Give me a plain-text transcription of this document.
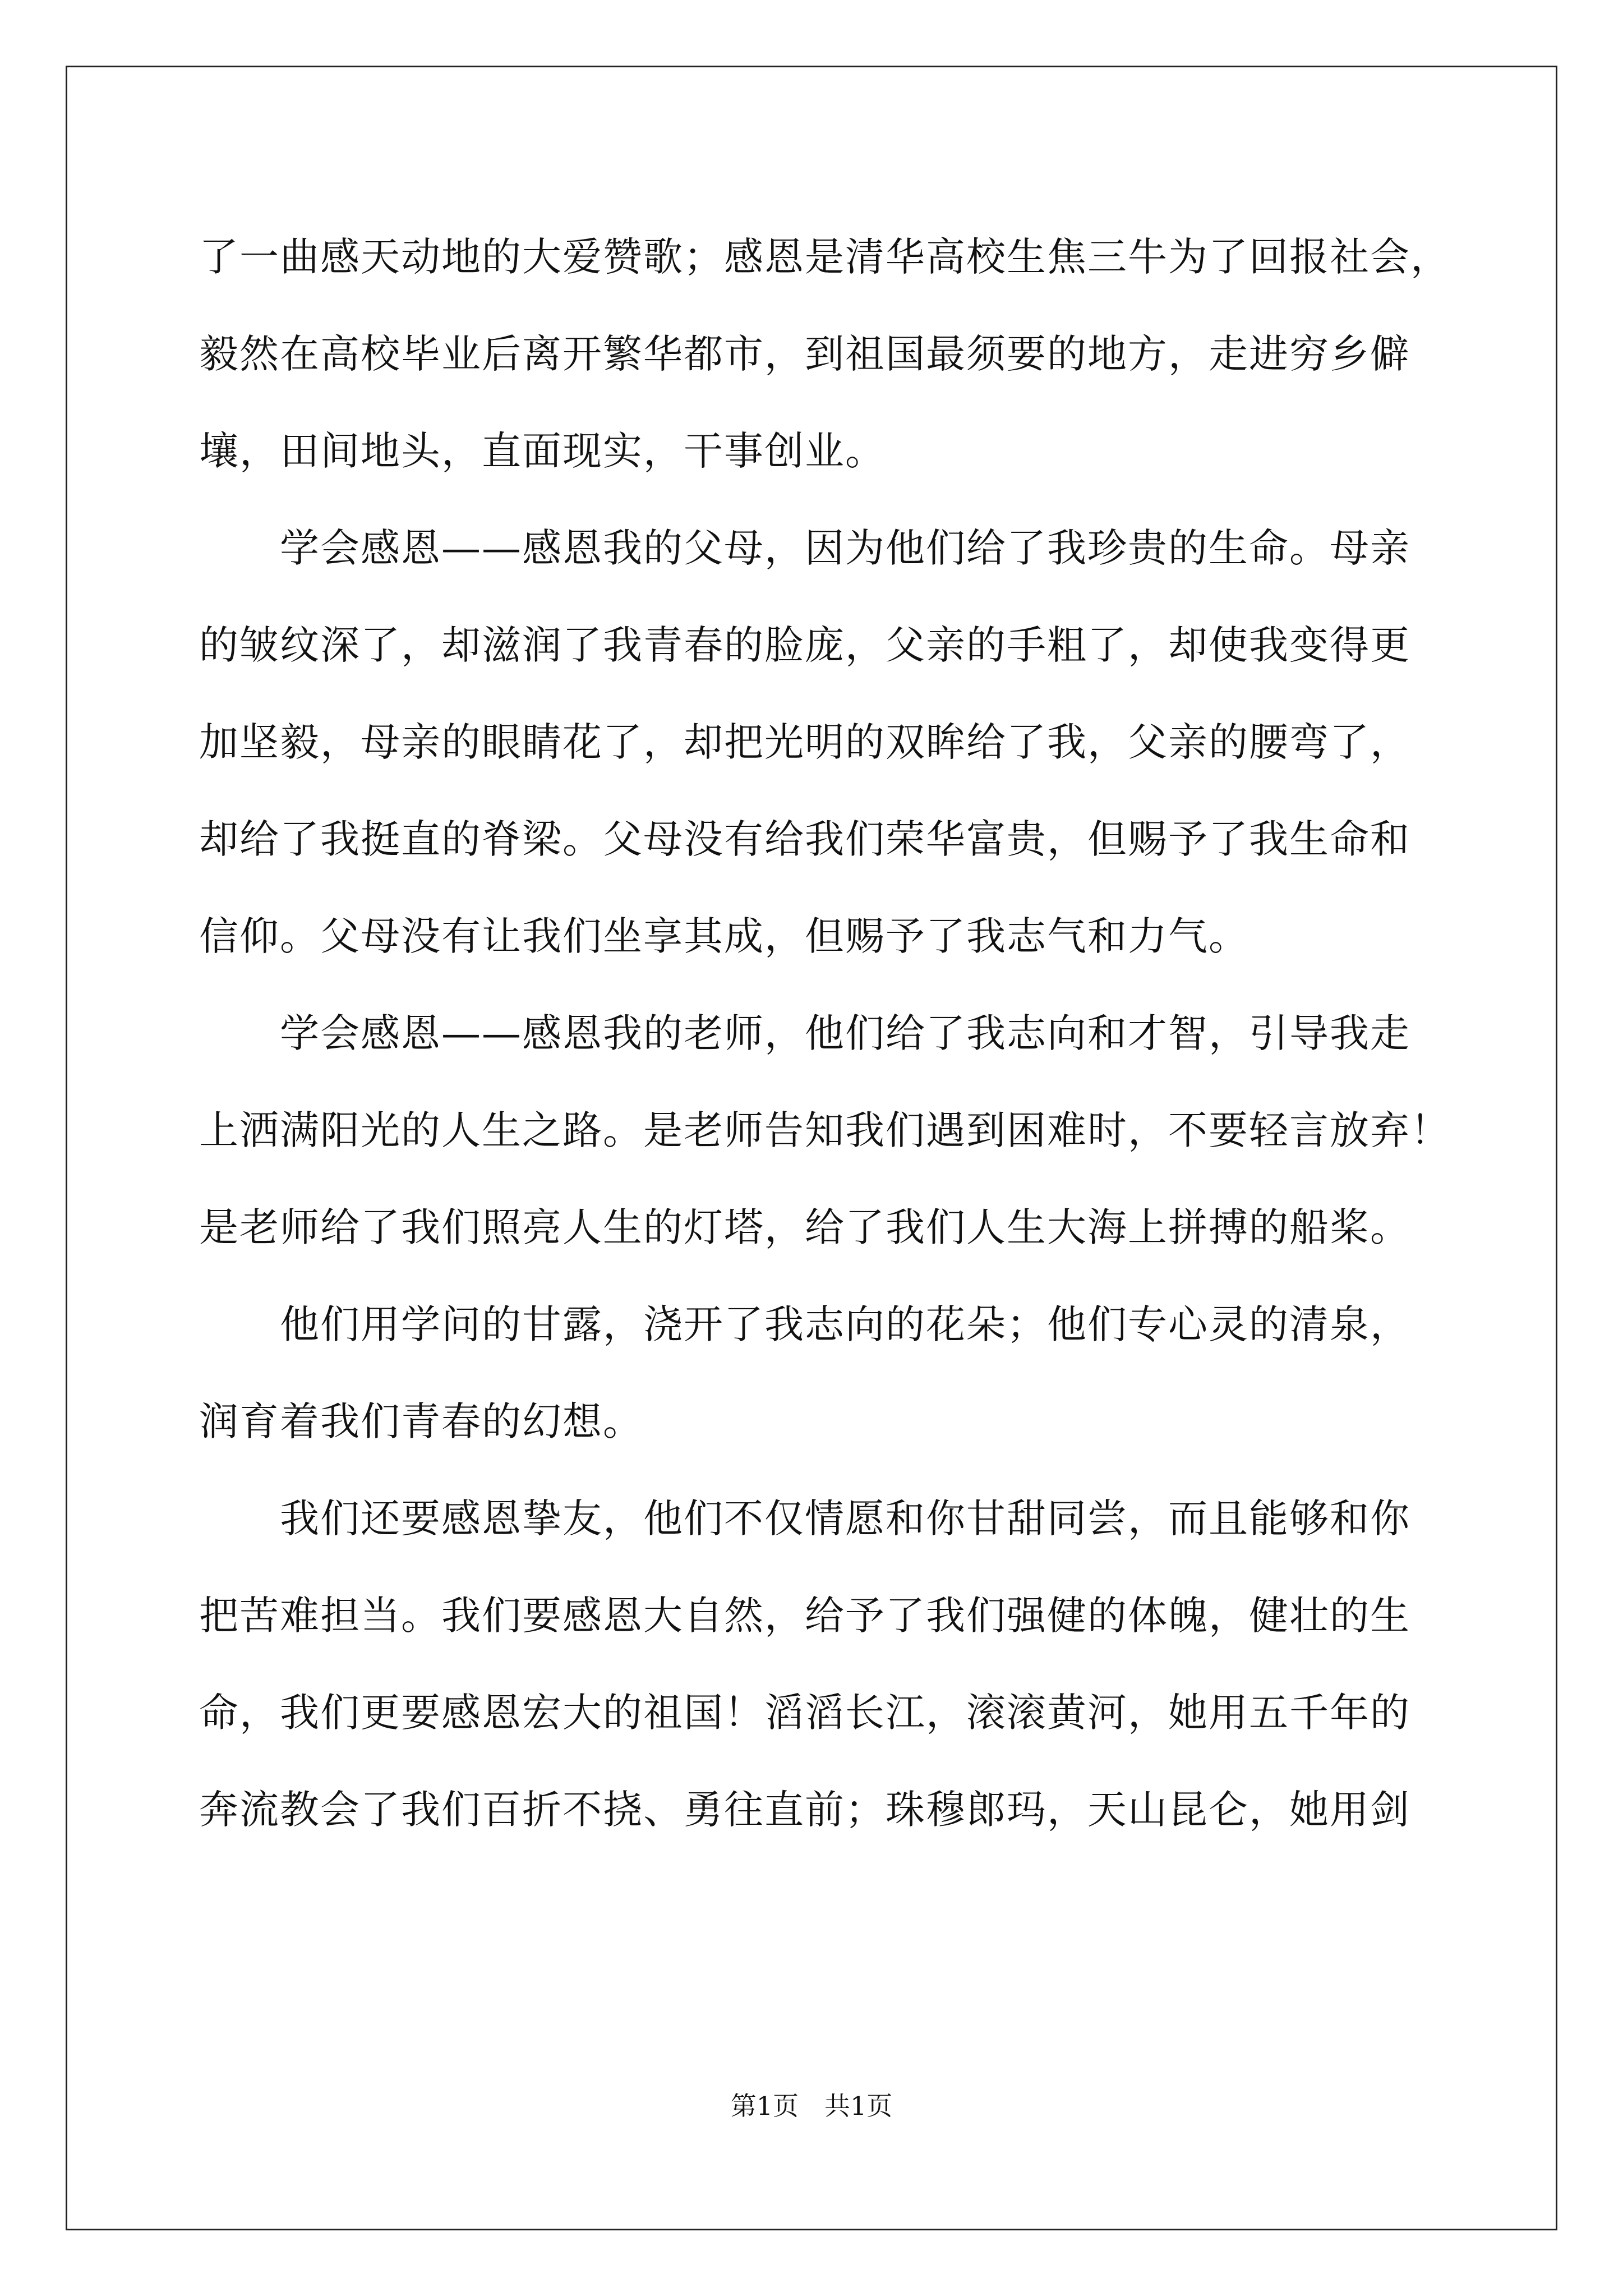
了一曲感天动地的大爱赞歌；感恩是清华高校生焦三牛为了回报社会，
毅然在高校毕业后离开繁华都市，到祖国最须要的地方，走进穷乡僻
壤，田间地头，直面现实，干事创业。
　　学会感恩——感恩我的父母，因为他们给了我珍贵的生命。母亲
的皱纹深了，却滋润了我青春的脸庞，父亲的手粗了，却使我变得更
加坚毅，母亲的眼睛花了，却把光明的双眸给了我，父亲的腰弯了，
却给了我挺直的脊梁。父母没有给我们荣华富贵，但赐予了我生命和
信仰。父母没有让我们坐享其成，但赐予了我志气和力气。
　　学会感恩——感恩我的老师，他们给了我志向和才智，引导我走
上洒满阳光的人生之路。是老师告知我们遇到困难时，不要轻言放弃！
是老师给了我们照亮人生的灯塔，给了我们人生大海上拼搏的船桨。
　　他们用学问的甘露，浇开了我志向的花朵；他们专心灵的清泉，
润育着我们青春的幻想。
　　我们还要感恩挚友，他们不仅情愿和你甘甜同尝，而且能够和你
把苦难担当。我们要感恩大自然，给予了我们强健的体魄，健壮的生
命，我们更要感恩宏大的祖国！滔滔长江，滚滚黄河，她用五千年的
奔流教会了我们百折不挠、勇往直前；珠穆郎玛，天山昆仑，她用剑
第1页　共1页
